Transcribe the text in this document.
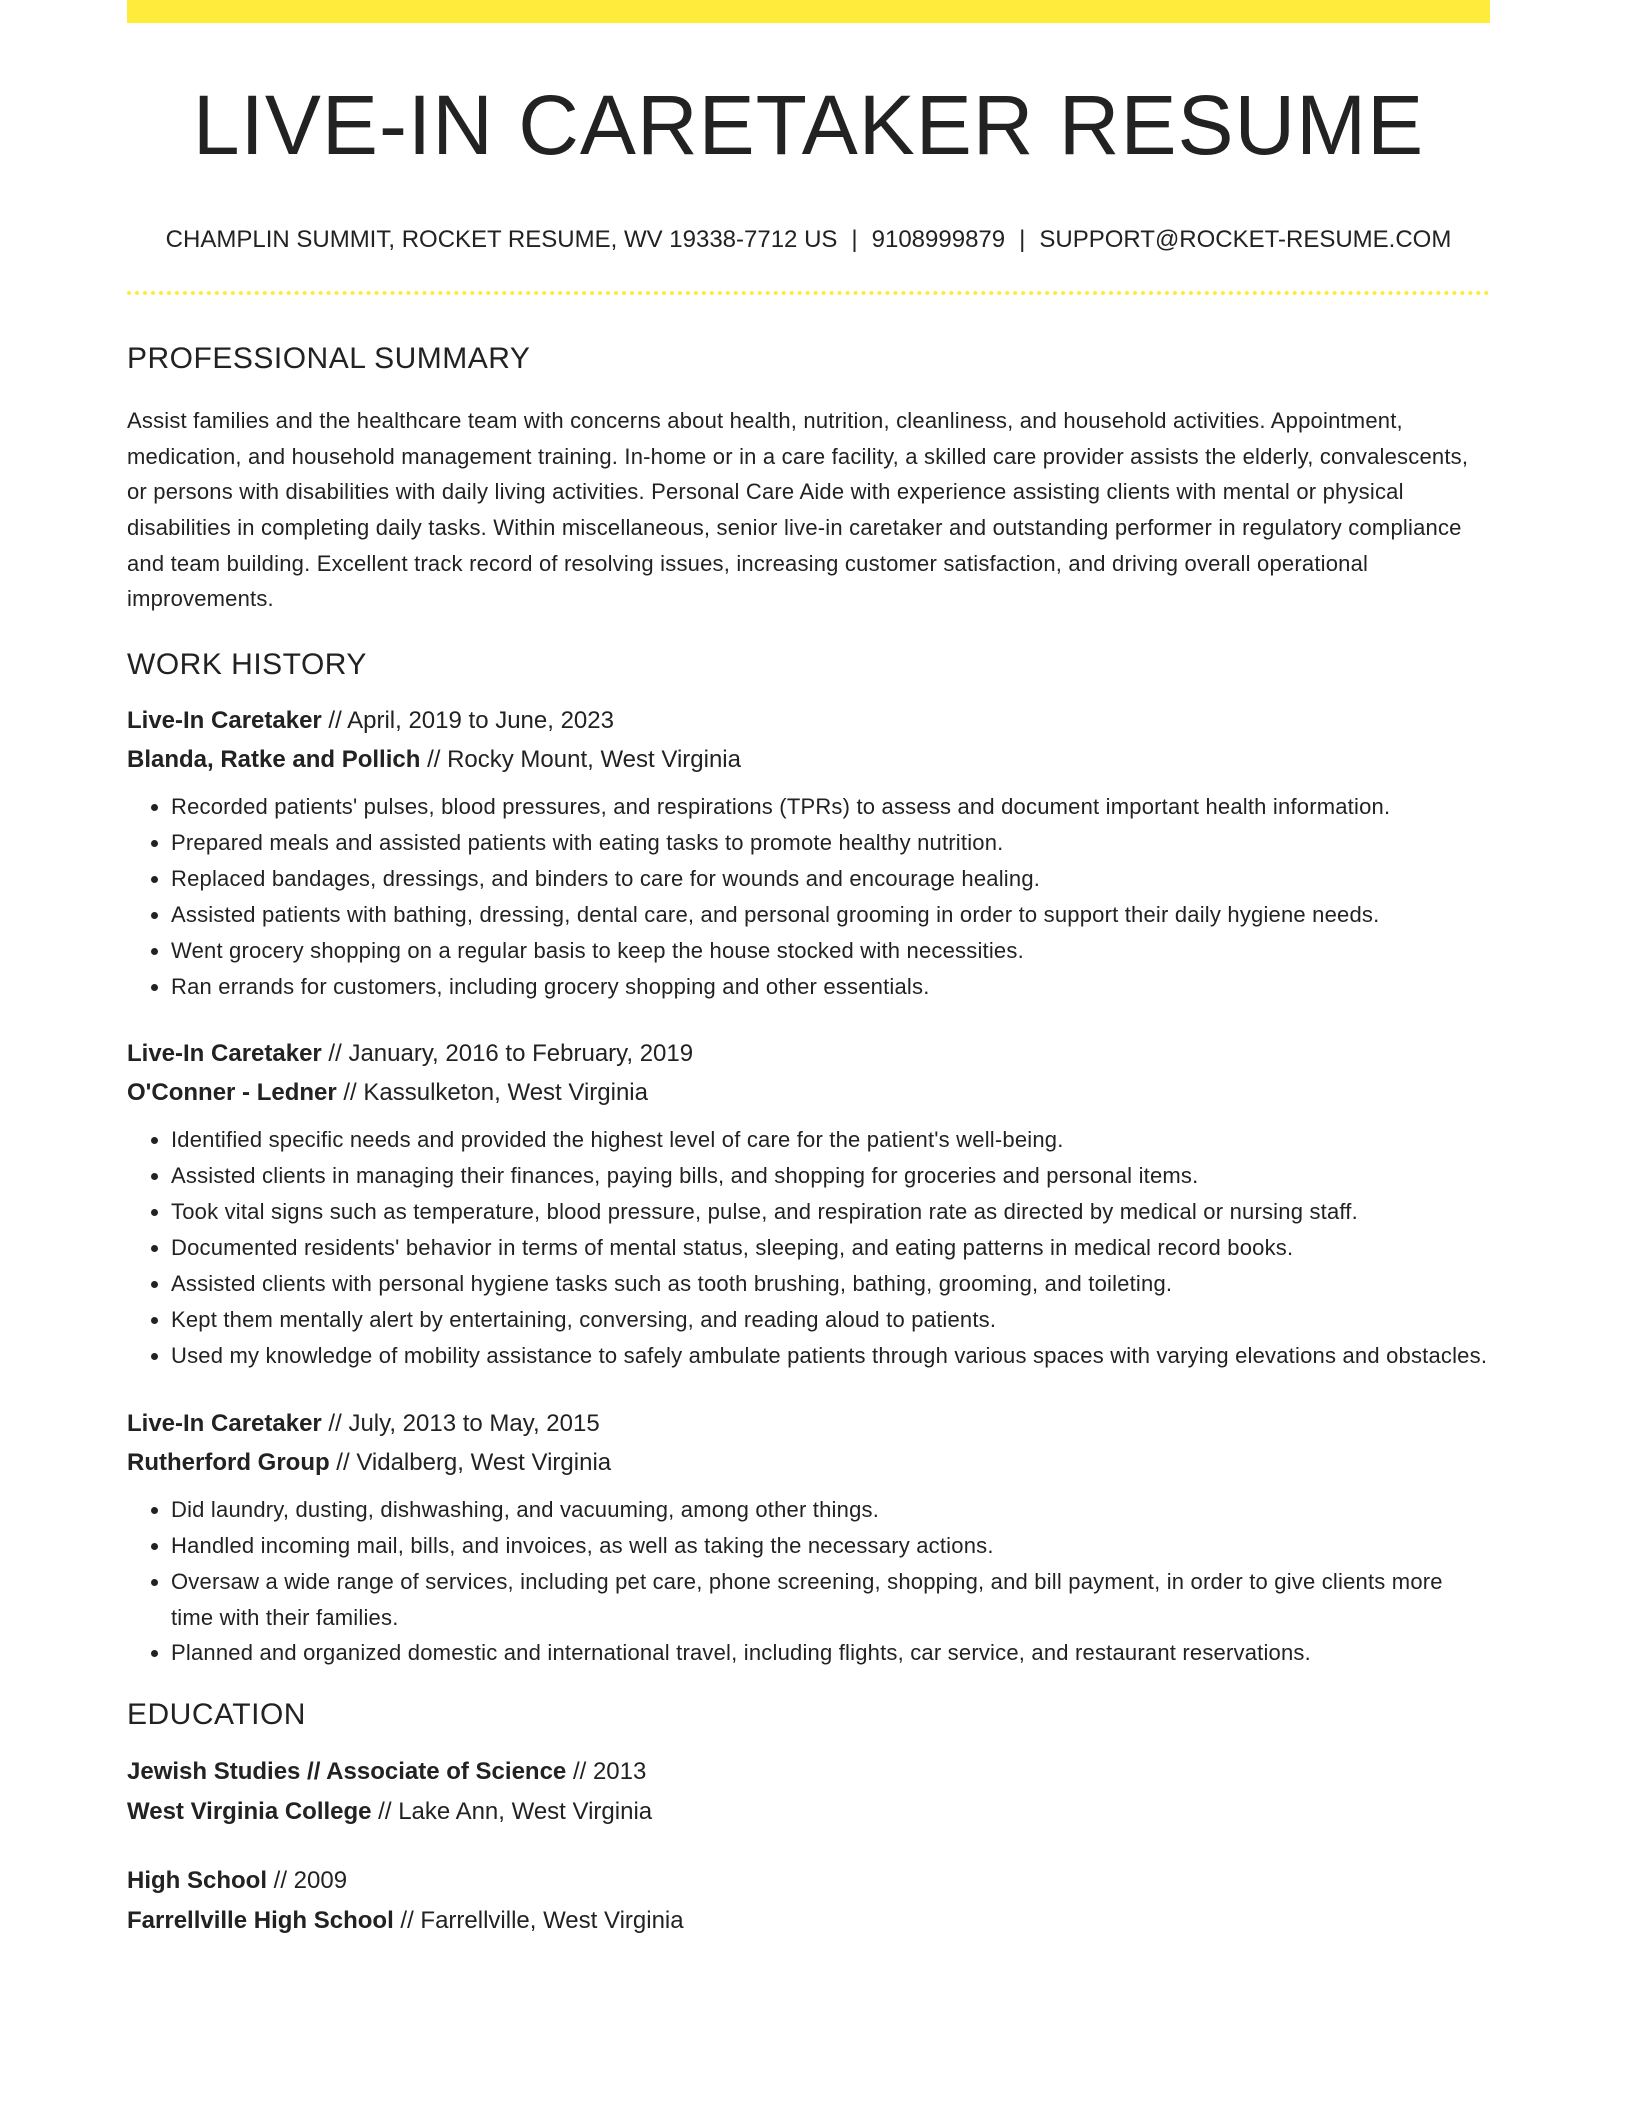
LIVE-IN CARETAKER RESUME
CHAMPLIN SUMMIT, ROCKET RESUME, WV 19338-7712 US | 9108999879 | SUPPORT@ROCKET-RESUME.COM
PROFESSIONAL SUMMARY
Assist families and the healthcare team with concerns about health, nutrition, cleanliness, and household activities. Appointment, medication, and household management training. In-home or in a care facility, a skilled care provider assists the elderly, convalescents, or persons with disabilities with daily living activities. Personal Care Aide with experience assisting clients with mental or physical disabilities in completing daily tasks. Within miscellaneous, senior live-in caretaker and outstanding performer in regulatory compliance and team building. Excellent track record of resolving issues, increasing customer satisfaction, and driving overall operational improvements.
WORK HISTORY
Live-In Caretaker // April, 2019 to June, 2023
Blanda, Ratke and Pollich // Rocky Mount, West Virginia
• Recorded patients' pulses, blood pressures, and respirations (TPRs) to assess and document important health information.
• Prepared meals and assisted patients with eating tasks to promote healthy nutrition.
• Replaced bandages, dressings, and binders to care for wounds and encourage healing.
• Assisted patients with bathing, dressing, dental care, and personal grooming in order to support their daily hygiene needs.
• Went grocery shopping on a regular basis to keep the house stocked with necessities.
• Ran errands for customers, including grocery shopping and other essentials.
Live-In Caretaker // January, 2016 to February, 2019
O'Conner - Ledner // Kassulketon, West Virginia
• Identified specific needs and provided the highest level of care for the patient's well-being.
• Assisted clients in managing their finances, paying bills, and shopping for groceries and personal items.
• Took vital signs such as temperature, blood pressure, pulse, and respiration rate as directed by medical or nursing staff.
• Documented residents' behavior in terms of mental status, sleeping, and eating patterns in medical record books.
• Assisted clients with personal hygiene tasks such as tooth brushing, bathing, grooming, and toileting.
• Kept them mentally alert by entertaining, conversing, and reading aloud to patients.
• Used my knowledge of mobility assistance to safely ambulate patients through various spaces with varying elevations and obstacles.
Live-In Caretaker // July, 2013 to May, 2015
Rutherford Group // Vidalberg, West Virginia
• Did laundry, dusting, dishwashing, and vacuuming, among other things.
• Handled incoming mail, bills, and invoices, as well as taking the necessary actions.
• Oversaw a wide range of services, including pet care, phone screening, shopping, and bill payment, in order to give clients more time with their families.
• Planned and organized domestic and international travel, including flights, car service, and restaurant reservations.
EDUCATION
Jewish Studies // Associate of Science // 2013
West Virginia College // Lake Ann, West Virginia
High School // 2009
Farrellville High School // Farrellville, West Virginia
